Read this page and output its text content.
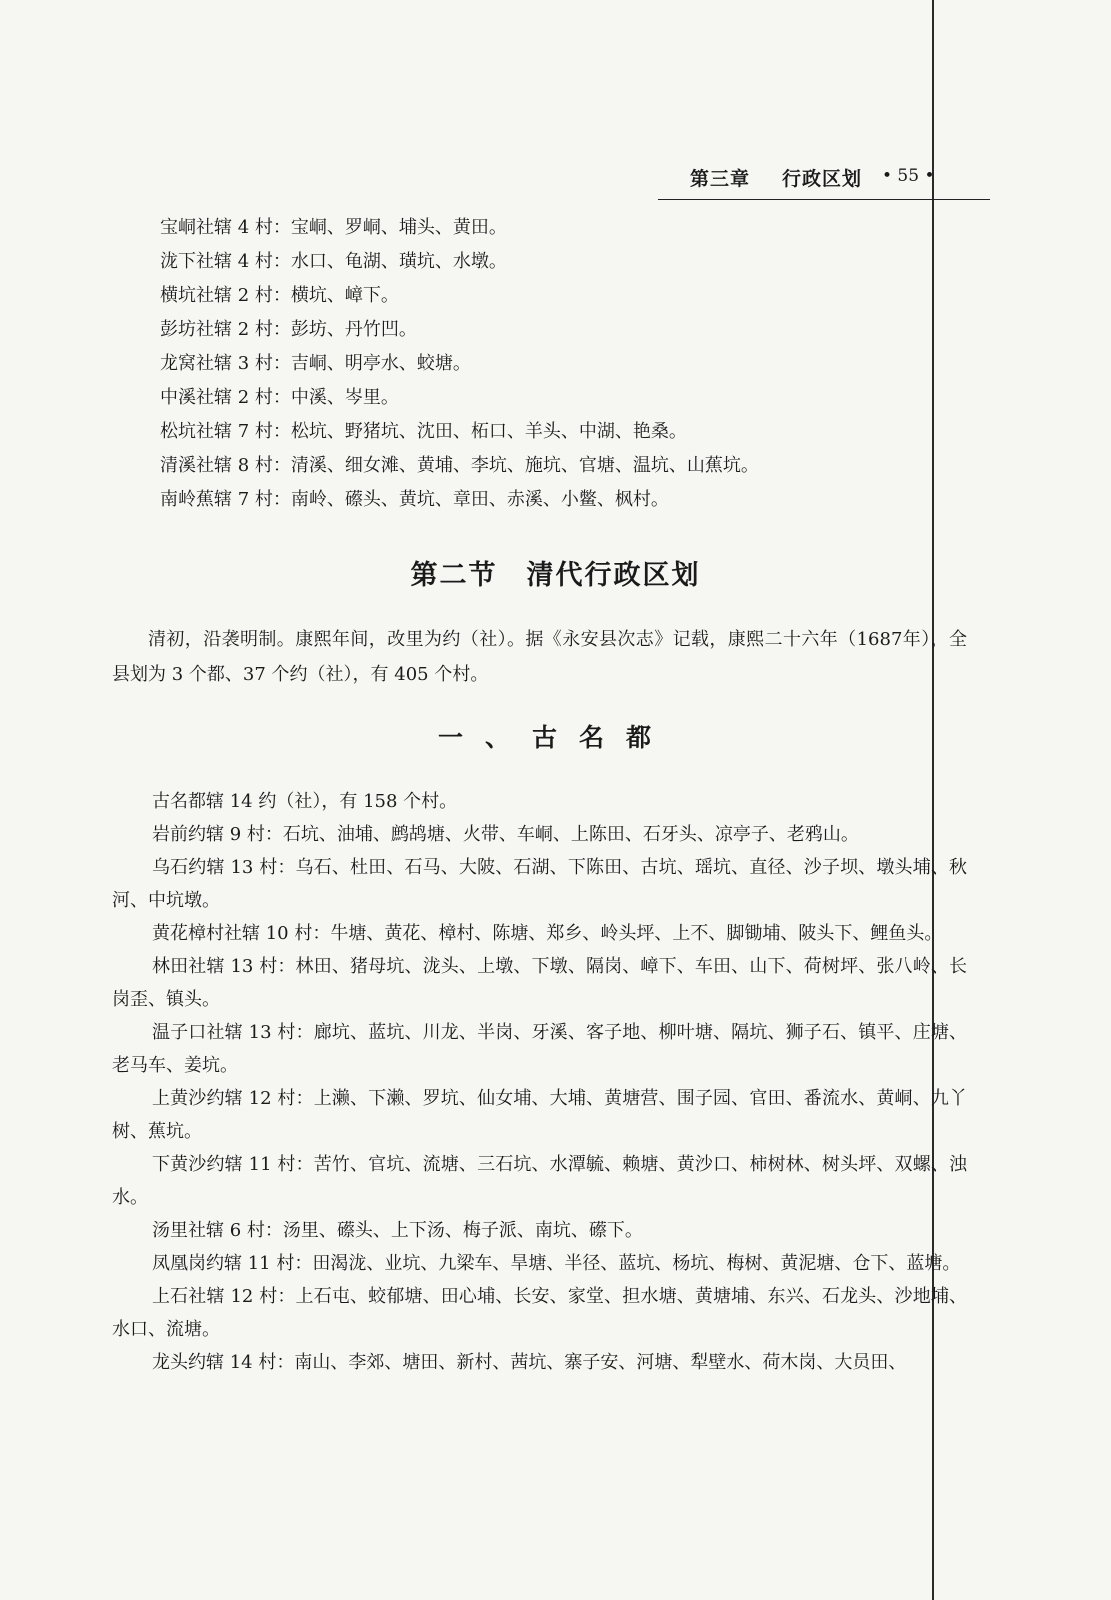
第三章 行政区划 • 55 •
宝峒社辖 4 村：宝峒、罗峒、埔头、黄田。
泷下社辖 4 村：水口、龟湖、璜坑、水墩。
横坑社辖 2 村：横坑、嶂下。
彭坊社辖 2 村：彭坊、丹竹凹。
龙窝社辖 3 村：吉峒、明亭水、蛟塘。
中溪社辖 2 村：中溪、岑里。
松坑社辖 7 村：松坑、野猪坑、沈田、柘口、羊头、中湖、艳桑。
清溪社辖 8 村：清溪、细女滩、黄埔、李坑、施坑、官塘、温坑、山蕉坑。
南岭蕉辖 7 村：南岭、礤头、黄坑、章田、赤溪、小鳖、枫村。
第二节　清代行政区划

清初，沿袭明制。康熙年间，改里为约（社）。据《永安县次志》记载，康熙二十六年（1687年），全县划为 3 个都、37 个约（社），有 405 个村。

一、古名都

古名都辖 14 约（社），有 158 个村。

岩前约辖 9 村：石坑、油埔、鹧鸪塘、火带、车峒、上陈田、石牙头、凉亭子、老鸦山。

乌石约辖 13 村：乌石、杜田、石马、大陂、石湖、下陈田、古坑、瑶坑、直径、沙子坝、墩头埔、秋河、中坑墩。

黄花樟村社辖 10 村：牛塘、黄花、樟村、陈塘、郑乡、岭头坪、上不、脚锄埔、陂头下、鲤鱼头。

林田社辖 13 村：林田、猪母坑、泷头、上墩、下墩、隔岗、嶂下、车田、山下、荷树坪、张八岭、长岗歪、镇头。

温子口社辖 13 村：廊坑、蓝坑、川龙、半岗、牙溪、客子地、柳叶塘、隔坑、狮子石、镇平、庄塘、老马车、姜坑。

上黄沙约辖 12 村：上濑、下濑、罗坑、仙女埔、大埔、黄塘营、围子园、官田、番流水、黄峒、九丫树、蕉坑。

下黄沙约辖 11 村：苦竹、官坑、流塘、三石坑、水潭毓、赖塘、黄沙口、柿树林、树头坪、双螺、浊水。

汤里社辖 6 村：汤里、礤头、上下汤、梅子派、南坑、礤下。

凤凰岗约辖 11 村：田渴泷、业坑、九梁车、旱塘、半径、蓝坑、杨坑、梅树、黄泥塘、仓下、蓝塘。

上石社辖 12 村：上石屯、蛟郁塘、田心埔、长安、家堂、担水塘、黄塘埔、东兴、石龙头、沙地埔、水口、流塘。

龙头约辖 14 村：南山、李郊、塘田、新村、茜坑、寨子安、河塘、犁壁水、荷木岗、大员田、
